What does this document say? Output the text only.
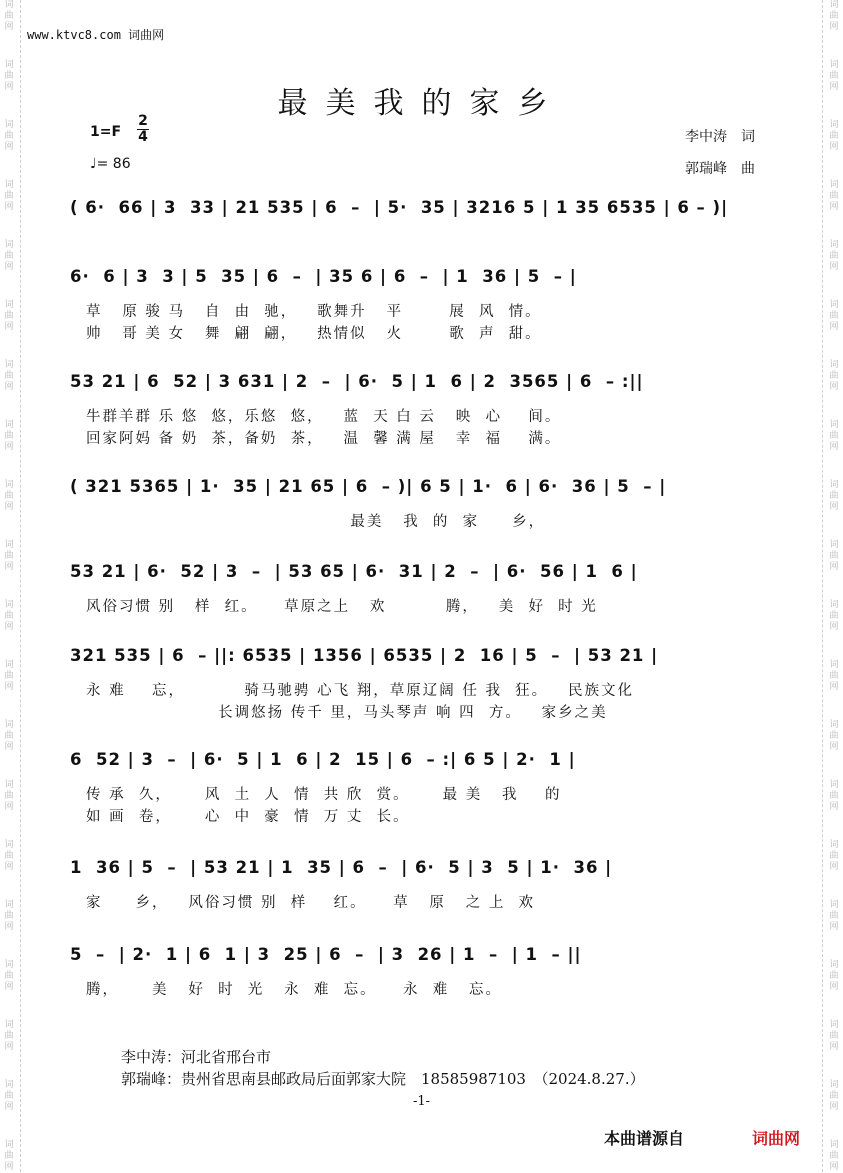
词曲网
词曲网
词曲网
词曲网
词曲网
词曲网
词曲网
词曲网
词曲网
词曲网
词曲网
词曲网
词曲网
词曲网
词曲网
词曲网
词曲网
词曲网
词曲网
词曲网
词曲网
词曲网
词曲网
词曲网
词曲网
词曲网
词曲网
词曲网
词曲网
词曲网
词曲网
词曲网
词曲网
词曲网
词曲网
词曲网
词曲网
词曲网
词曲网
词曲网
www.ktvc8.com 词曲网
最美我的家乡
1=F
2
4
♩= 86
李中涛　词
郭瑞峰　曲
( 6·  66 | 3  33 | 21 535 | 6  –  | 5·  35 | 3216 5 | 1 35 6535 | 6 – )|
6·  6 | 3  3 | 5  35 | 6  –  | 35 6 | 6  –  | 1  36 | 5  – |
草   原 骏 马   自  由  驰，   歌舞升   平       展  风  情。
帅   哥 美 女   舞  翩  翩，   热情似   火       歌  声  甜。
53 21 | 6  52 | 3 631 | 2  –  | 6·  5 | 1  6 | 2  3565 | 6  – :||
牛群羊群 乐 悠  悠，乐悠  悠，   蓝  天 白 云   映  心    间。
回家阿妈 备 奶  茶，备奶  茶，   温  馨 满 屋   幸  福    满。
( 321 5365 | 1·  35 | 21 65 | 6  – )| 6 5 | 1·  6 | 6·  36 | 5  – |
最美   我  的  家     乡，
53 21 | 6·  52 | 3  –  | 53 65 | 6·  31 | 2  –  | 6·  56 | 1  6 |
风俗习惯 别   样  红。    草原之上   欢         腾，   美  好  时 光
321 535 | 6  – ||: 6535 | 1356 | 6535 | 2  16 | 5  –  | 53 21 |
永 难    忘，         骑马驰骋 心飞 翔，草原辽阔 任 我  狂。   民族文化
长调悠扬 传千 里，马头琴声 响 四  方。   家乡之美
6  52 | 3  –  | 6·  5 | 1  6 | 2  15 | 6  – :| 6 5 | 2·  1 |
传 承  久，     风  土  人  情  共 欣  赏。     最 美   我    的
如 画  卷，     心  中  豪  情  万 丈  长。
1  36 | 5  –  | 53 21 | 1  35 | 6  –  | 6·  5 | 3  5 | 1·  36 |
家     乡，   风俗习惯 别  样    红。    草   原   之 上  欢
5  –  | 2·  1 | 6  1 | 3  25 | 6  –  | 3  26 | 1  –  | 1  – ||
腾，     美   好  时  光   永  难  忘。    永  难   忘。
李中涛：河北省邢台市
郭瑞峰：贵州省思南县邮政局后面郭家大院　18585987103　（2024.8.27.）
-1-
本曲谱源自	词曲网
